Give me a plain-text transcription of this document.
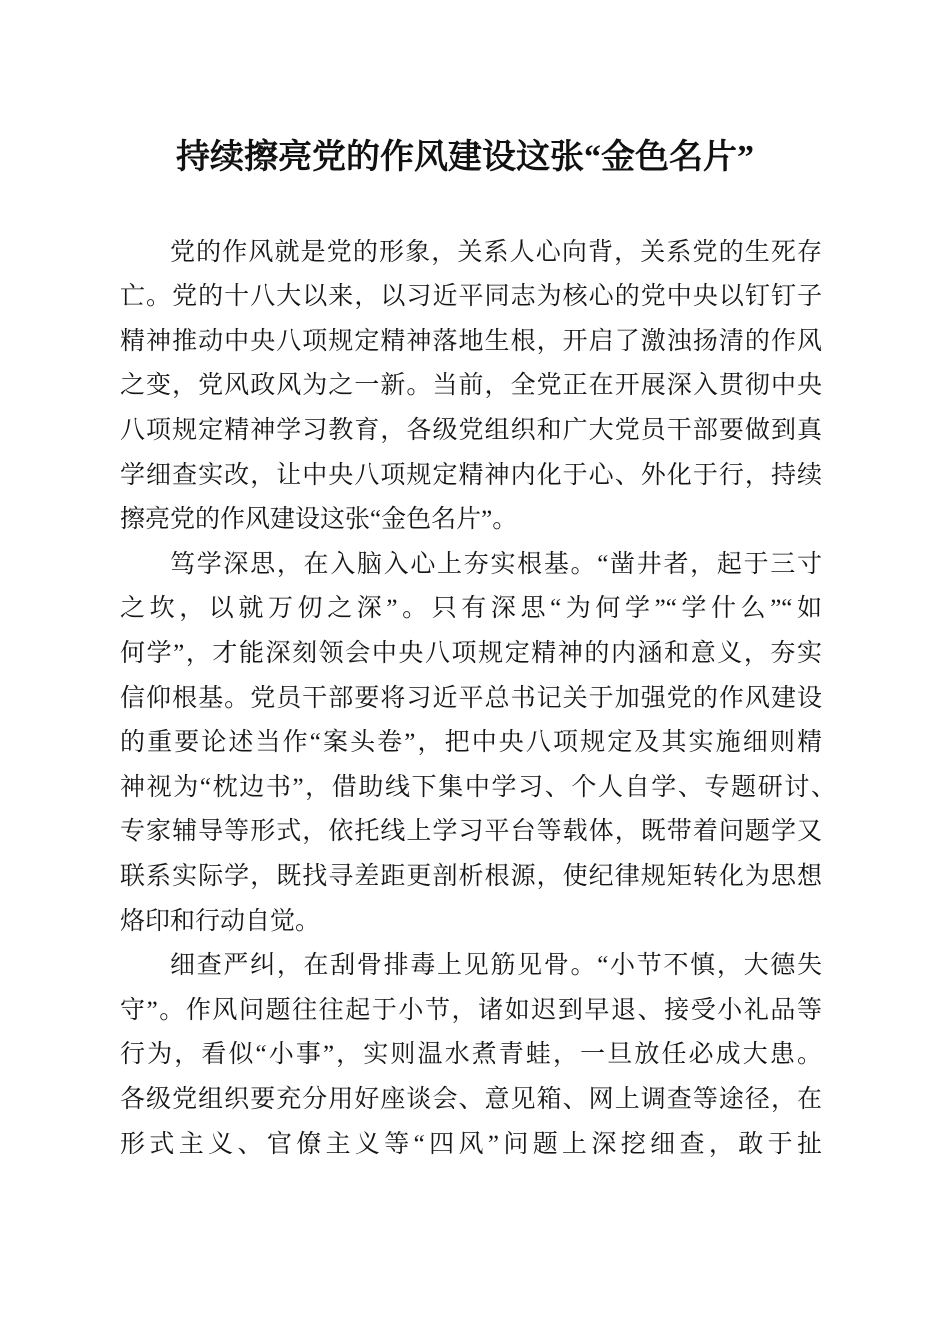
持续擦亮党的作风建设这张“金色名片”
党的作风就是党的形象，关系人心向背，关系党的生死存
亡。党的十八大以来，以习近平同志为核心的党中央以钉钉子
精神推动中央八项规定精神落地生根，开启了激浊扬清的作风
之变，党风政风为之一新。当前，全党正在开展深入贯彻中央
八项规定精神学习教育，各级党组织和广大党员干部要做到真
学细查实改，让中央八项规定精神内化于心、外化于行，持续
擦亮党的作风建设这张“金色名片”。
笃学深思，在入脑入心上夯实根基。“凿井者，起于三寸
之坎，以就万仞之深”。只有深思“为何学”“学什么”“如
何学”，才能深刻领会中央八项规定精神的内涵和意义，夯实
信仰根基。党员干部要将习近平总书记关于加强党的作风建设
的重要论述当作“案头卷”，把中央八项规定及其实施细则精
神视为“枕边书”，借助线下集中学习、个人自学、专题研讨、
专家辅导等形式，依托线上学习平台等载体，既带着问题学又
联系实际学，既找寻差距更剖析根源，使纪律规矩转化为思想
烙印和行动自觉。
细查严纠，在刮骨排毒上见筋见骨。“小节不慎，大德失
守”。作风问题往往起于小节，诸如迟到早退、接受小礼品等
行为，看似“小事”，实则温水煮青蛙，一旦放任必成大患。
各级党组织要充分用好座谈会、意见箱、网上调查等途径，在
形式主义、官僚主义等“四风”问题上深挖细查，敢于扯
